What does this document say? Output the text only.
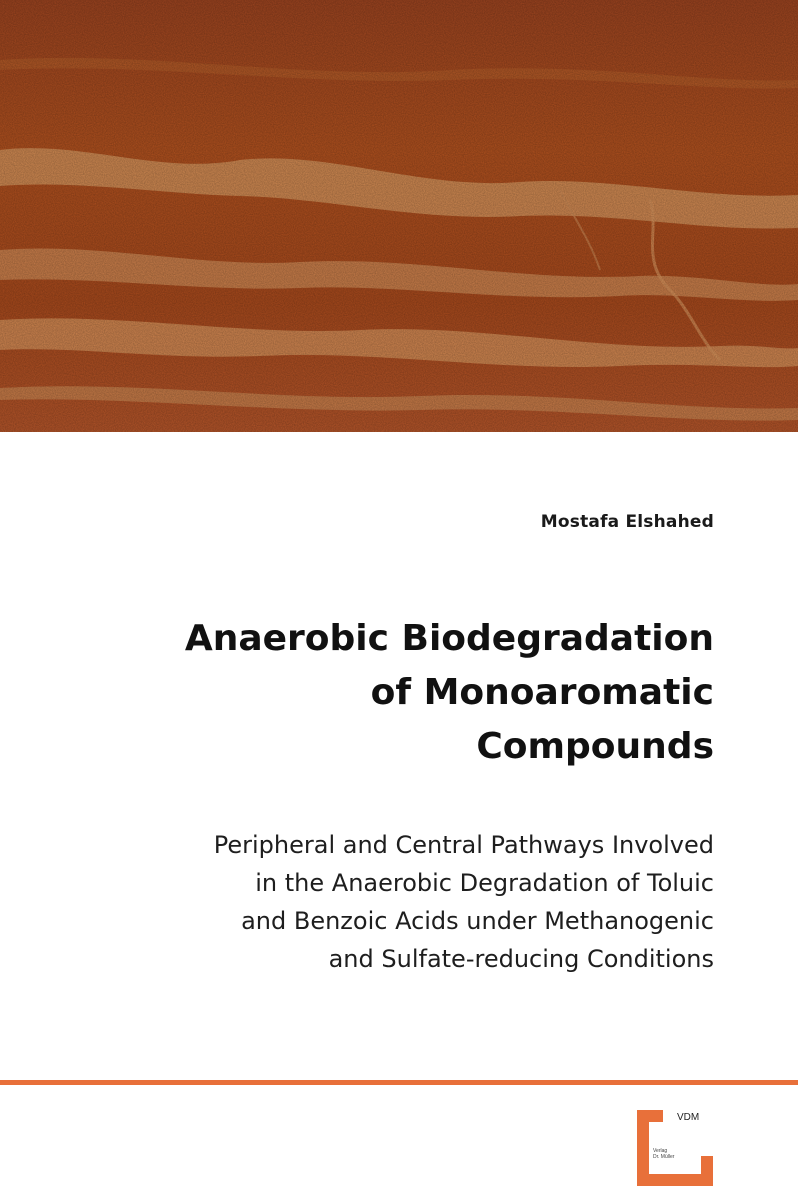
Mostafa Elshahed

Anaerobic Biodegradation
of Monoaromatic
Compounds

Peripheral and Central Pathways Involved
in the Anaerobic Degradation of Toluic
and Benzoic Acids under Methanogenic
and Sulfate-reducing Conditions

VDM
Verlag
Dr. Müller
